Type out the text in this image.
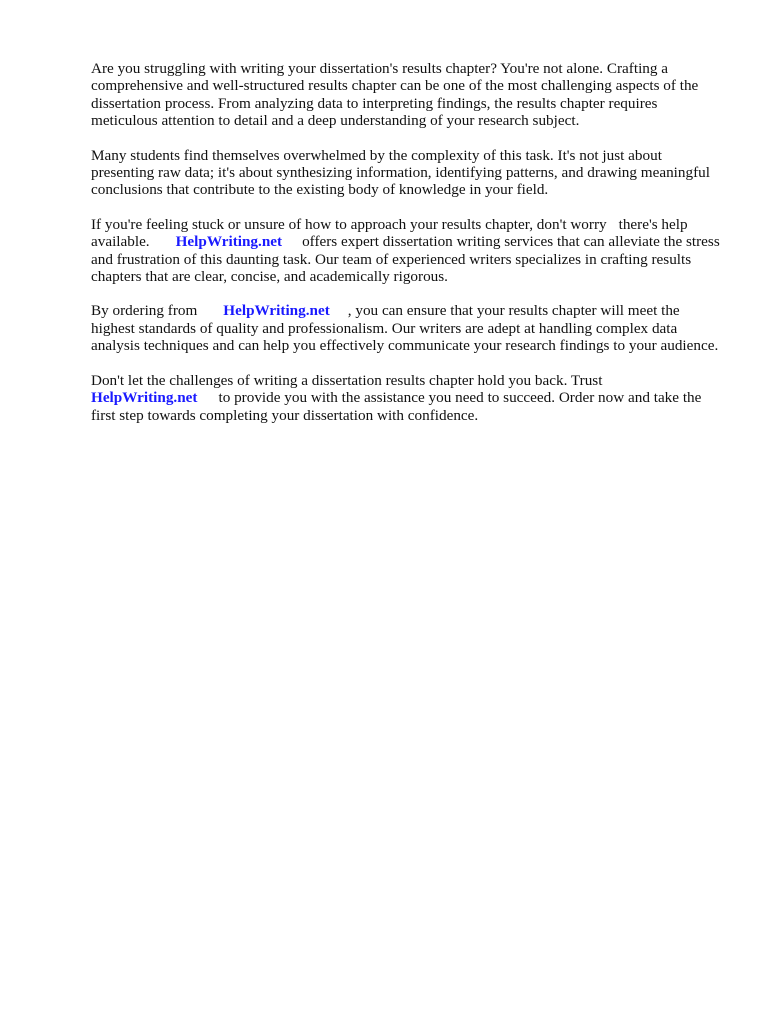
Are you struggling with writing your dissertation's results chapter? You're not alone. Crafting a comprehensive and well-structured results chapter can be one of the most challenging aspects of the dissertation process. From analyzing data to interpreting findings, the results chapter requires meticulous attention to detail and a deep understanding of your research subject.

Many students find themselves overwhelmed by the complexity of this task. It's not just about presenting raw data; it's about synthesizing information, identifying patterns, and drawing meaningful conclusions that contribute to the existing body of knowledge in your field.

If you're feeling stuck or unsure of how to approach your results chapter, don't worry there's help available. HelpWriting.net offers expert dissertation writing services that can alleviate the stress and frustration of this daunting task. Our team of experienced writers specializes in crafting results chapters that are clear, concise, and academically rigorous.

By ordering from HelpWriting.net , you can ensure that your results chapter will meet the highest standards of quality and professionalism. Our writers are adept at handling complex data analysis techniques and can help you effectively communicate your research findings to your audience.

Don't let the challenges of writing a dissertation results chapter hold you back. Trust HelpWriting.net to provide you with the assistance you need to succeed. Order now and take the first step towards completing your dissertation with confidence.
